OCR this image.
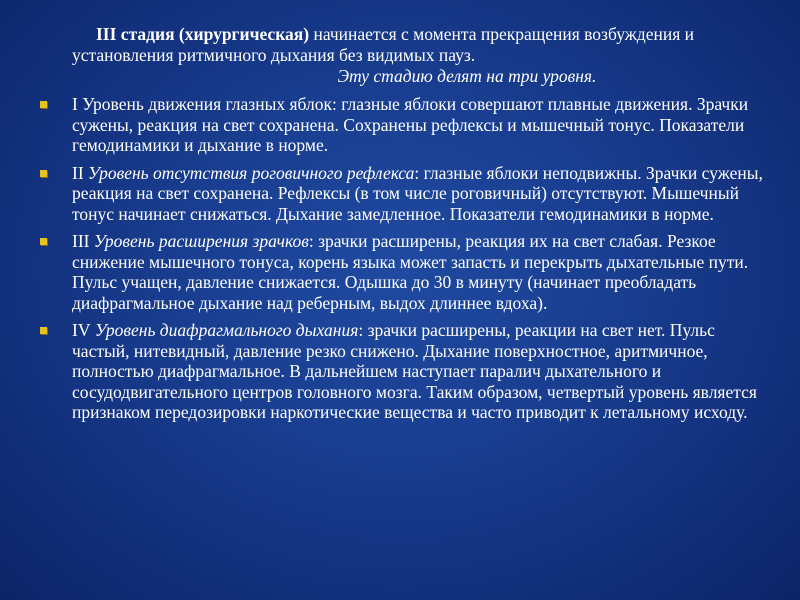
III стадия (хирургическая) начинается с момента прекращения возбуждения и установления ритмичного дыхания без видимых пауз.
Эту стадию делят на три уровня.
I Уровень движения глазных яблок: глазные яблоки совершают плавные движения. Зрачки сужены, реакция на свет сохранена. Сохранены рефлексы и мышечный тонус. Показатели гемодинамики и дыхание в норме.
II Уровень отсутствия роговичного рефлекса: глазные яблоки неподвижны. Зрачки сужены, реакция на свет сохранена. Рефлексы (в том числе роговичный) отсутствуют. Мышечный тонус начинает снижаться. Дыхание замедленное. Показатели гемодинамики в норме.
III Уровень расширения зрачков: зрачки расширены, реакция их на свет слабая. Резкое снижение мышечного тонуса, корень языка может запасть и перекрыть дыхательные пути. Пульс учащен, давление снижается. Одышка до 30 в минуту (начинает преобладать диафрагмальное дыхание над реберным, выдох длиннее вдоха).
IV Уровень диафрагмального дыхания: зрачки расширены, реакции на свет нет. Пульс частый, нитевидный, давление резко снижено. Дыхание поверхностное, аритмичное, полностью диафрагмальное. В дальнейшем наступает паралич дыхательного и сосудодвигательного центров головного мозга. Таким образом, четвертый уровень является признаком передозировки наркотические вещества и часто приводит к летальному исходу.
